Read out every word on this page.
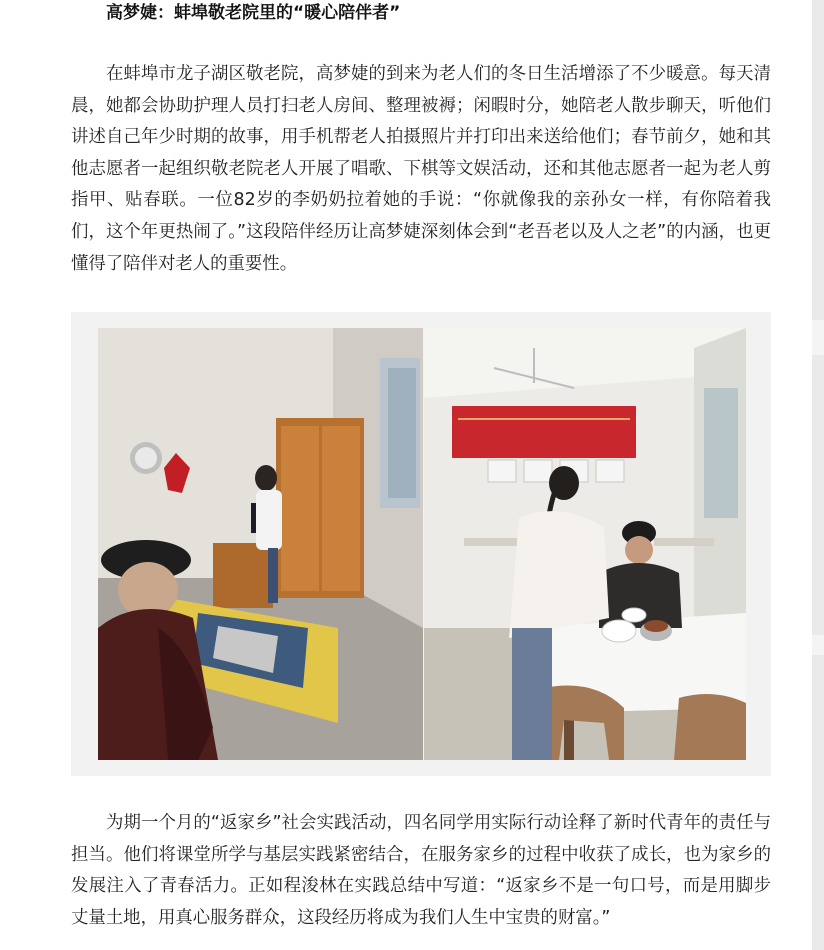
高梦婕：蚌埠敬老院里的“暖心陪伴者”

在蚌埠市龙子湖区敬老院，高梦婕的到来为老人们的冬日生活增添了不少暖意。每天清晨，她都会协助护理人员打扫老人房间、整理被褥；闲暇时分，她陪老人散步聊天，听他们讲述自己年少时期的故事，用手机帮老人拍摄照片并打印出来送给他们；春节前夕，她和其他志愿者一起组织敬老院老人开展了唱歌、下棋等文娱活动，还和其他志愿者一起为老人剪指甲、贴春联。一位82岁的李奶奶拉着她的手说：“你就像我的亲孙女一样，有你陪着我们，这个年更热闹了。”这段陪伴经历让高梦婕深刻体会到“老吾老以及人之老”的内涵，也更懂得了陪伴对老人的重要性。

为期一个月的“返家乡”社会实践活动，四名同学用实际行动诠释了新时代青年的责任与担当。他们将课堂所学与基层实践紧密结合，在服务家乡的过程中收获了成长，也为家乡的发展注入了青春活力。正如程浚林在实践总结中写道：“返家乡不是一句口号，而是用脚步丈量土地，用真心服务群众，这段经历将成为我们人生中宝贵的财富。”
